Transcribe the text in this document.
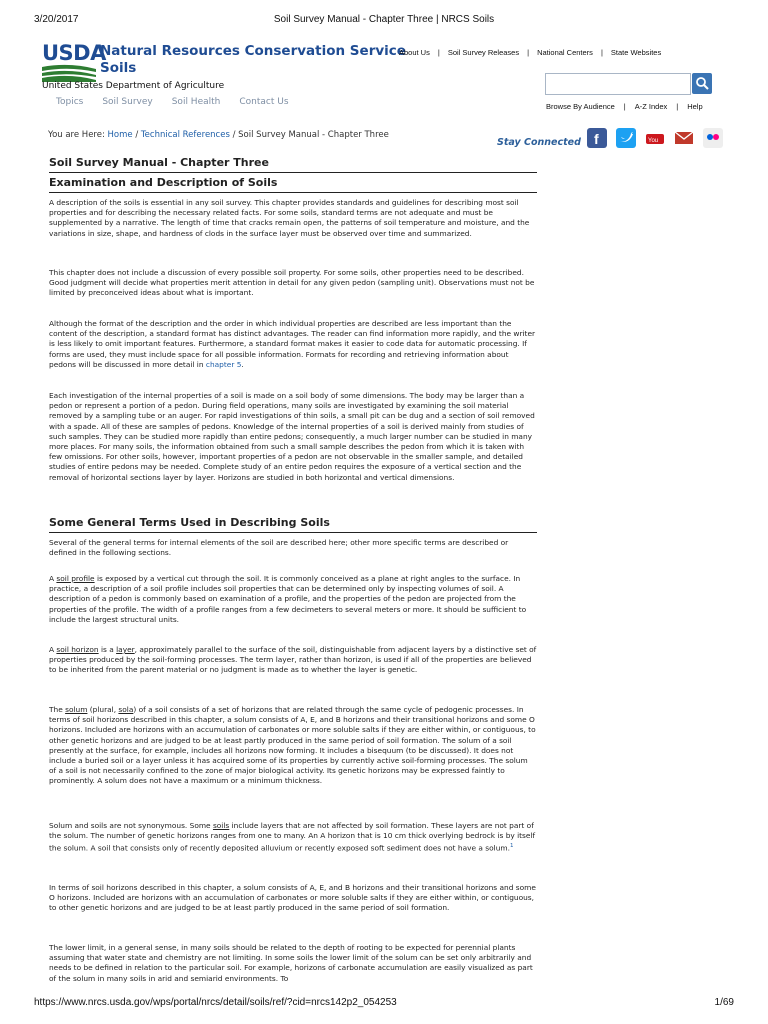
3/20/2017	Soil Survey Manual - Chapter Three | NRCS Soils
USDA
Natural Resources Conservation Service
Soils
United States Department of Agriculture
About Us | Soil Survey Releases | National Centers | State Websites
Browse By Audience | A-Z Index | Help
Topics Soil Survey Soil Health Contact Us
You are Here: Home / Technical References / Soil Survey Manual - Chapter Three
Stay Connected f	You
Soil Survey Manual - Chapter Three
Examination and Description of Soils

A description of the soils is essential in any soil survey. This chapter provides standards and guidelines for describing most soil properties and for describing the necessary related facts. For some soils, standard terms are not adequate and must be supplemented by a narrative. The length of time that cracks remain open, the patterns of soil temperature and moisture, and the variations in size, shape, and hardness of clods in the surface layer must be observed over time and summarized.

This chapter does not include a discussion of every possible soil property. For some soils, other properties need to be described. Good judgment will decide what properties merit attention in detail for any given pedon (sampling unit). Observations must not be limited by preconceived ideas about what is important.

Although the format of the description and the order in which individual properties are described are less important than the content of the description, a standard format has distinct advantages. The reader can find information more rapidly, and the writer is less likely to omit important features. Furthermore, a standard format makes it easier to code data for automatic processing. If forms are used, they must include space for all possible information. Formats for recording and retrieving information about pedons will be discussed in more detail in chapter 5.

Each investigation of the internal properties of a soil is made on a soil body of some dimensions. The body may be larger than a pedon or represent a portion of a pedon. During field operations, many soils are investigated by examining the soil material removed by a sampling tube or an auger. For rapid investigations of thin soils, a small pit can be dug and a section of soil removed with a spade. All of these are samples of pedons. Knowledge of the internal properties of a soil is derived mainly from studies of such samples. They can be studied more rapidly than entire pedons; consequently, a much larger number can be studied in many more places. For many soils, the information obtained from such a small sample describes the pedon from which it is taken with few omissions. For other soils, however, important properties of a pedon are not observable in the smaller sample, and detailed studies of entire pedons may be needed. Complete study of an entire pedon requires the exposure of a vertical section and the removal of horizontal sections layer by layer. Horizons are studied in both horizontal and vertical dimensions.

Some General Terms Used in Describing Soils

Several of the general terms for internal elements of the soil are described here; other more specific terms are described or defined in the following sections.

A soil profile is exposed by a vertical cut through the soil. It is commonly conceived as a plane at right angles to the surface. In practice, a description of a soil profile includes soil properties that can be determined only by inspecting volumes of soil. A description of a pedon is commonly based on examination of a profile, and the properties of the pedon are projected from the properties of the profile. The width of a profile ranges from a few decimeters to several meters or more. It should be sufficient to include the largest structural units.

A soil horizon is a layer, approximately parallel to the surface of the soil, distinguishable from adjacent layers by a distinctive set of properties produced by the soil-forming processes. The term layer, rather than horizon, is used if all of the properties are believed to be inherited from the parent material or no judgment is made as to whether the layer is genetic.

The solum (plural, sola) of a soil consists of a set of horizons that are related through the same cycle of pedogenic processes. In terms of soil horizons described in this chapter, a solum consists of A, E, and B horizons and their transitional horizons and some O horizons. Included are horizons with an accumulation of carbonates or more soluble salts if they are either within, or contiguous, to other genetic horizons and are judged to be at least partly produced in the same period of soil formation. The solum of a soil presently at the surface, for example, includes all horizons now forming. It includes a bisequum (to be discussed). It does not include a buried soil or a layer unless it has acquired some of its properties by currently active soil-forming processes. The solum of a soil is not necessarily confined to the zone of major biological activity. Its genetic horizons may be expressed faintly to prominently. A solum does not have a maximum or a minimum thickness.

Solum and soils are not synonymous. Some soils include layers that are not affected by soil formation. These layers are not part of the solum. The number of genetic horizons ranges from one to many. An A horizon that is 10 cm thick overlying bedrock is by itself the solum. A soil that consists only of recently deposited alluvium or recently exposed soft sediment does not have a solum.$^1$

In terms of soil horizons described in this chapter, a solum consists of A, E, and B horizons and their transitional horizons and some O horizons. Included are horizons with an accumulation of carbonates or more soluble salts if they are either within, or contiguous, to other genetic horizons and are judged to be at least partly produced in the same period of soil formation.

The lower limit, in a general sense, in many soils should be related to the depth of rooting to be expected for perennial plants assuming that water state and chemistry are not limiting. In some soils the lower limit of the solum can be set only arbitrarily and needs to be defined in relation to the particular soil. For example, horizons of carbonate accumulation are easily visualized as part of the solum in many soils in arid and semiarid environments. To

https://www.nrcs.usda.gov/wps/portal/nrcs/detail/soils/ref/?cid=nrcs142p2_054253	1/69
